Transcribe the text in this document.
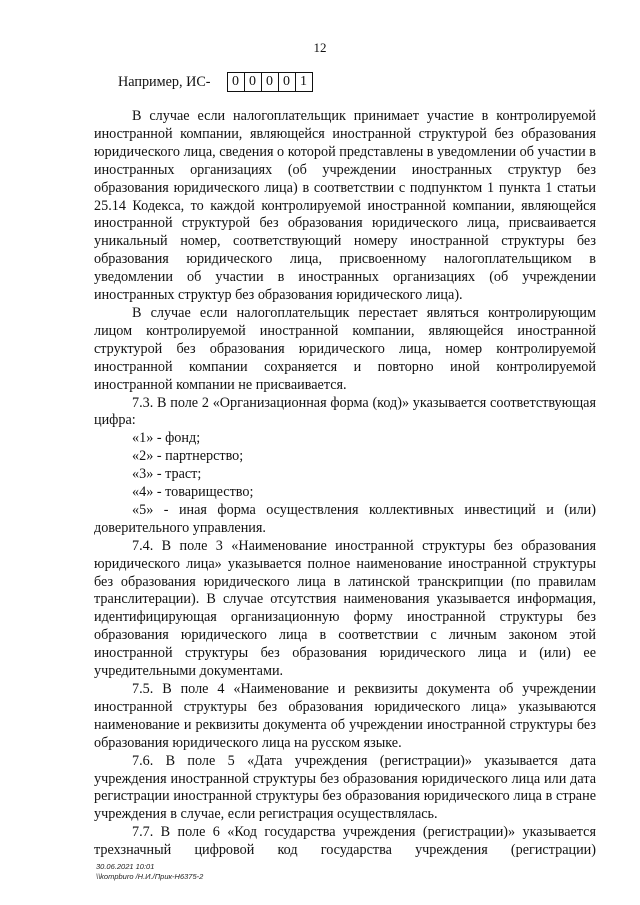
12
Например, ИС-	0 0 0 0 1

В случае если налогоплательщик принимает участие в контролируемой иностранной компании, являющейся иностранной структурой без образования юридического лица, сведения о которой представлены в уведомлении об участии в иностранных организациях (об учреждении иностранных структур без образования юридического лица) в соответствии с подпунктом 1 пункта 1 статьи 25.14 Кодекса, то каждой контролируемой иностранной компании, являющейся иностранной структурой без образования юридического лица, присваивается уникальный номер, соответствующий номеру иностранной структуры без образования юридического лица, присвоенному налогоплательщиком в уведомлении об участии в иностранных организациях (об учреждении иностранных структур без образования юридического лица).

В случае если налогоплательщик перестает являться контролирующим лицом контролируемой иностранной компании, являющейся иностранной структурой без образования юридического лица, номер контролируемой иностранной компании сохраняется и повторно иной контролируемой иностранной компании не присваивается.

7.3. В поле 2 «Организационная форма (код)» указывается соответствующая цифра:

«1» - фонд;

«2» - партнерство;

«3» - траст;

«4» - товарищество;

«5» - иная форма осуществления коллективных инвестиций и (или) доверительного управления.

7.4. В поле 3 «Наименование иностранной структуры без образования юридического лица» указывается полное наименование иностранной структуры без образования юридического лица в латинской транскрипции (по правилам транслитерации). В случае отсутствия наименования указывается информация, идентифицирующая организационную форму иностранной структуры без образования юридического лица в соответствии с личным законом этой иностранной структуры без образования юридического лица и (или) ее учредительными документами.

7.5. В поле 4 «Наименование и реквизиты документа об учреждении иностранной структуры без образования юридического лица» указываются наименование и реквизиты документа об учреждении иностранной структуры без образования юридического лица на русском языке.

7.6. В поле 5 «Дата учреждения (регистрации)» указывается дата учреждения иностранной структуры без образования юридического лица или дата регистрации иностранной структуры без образования юридического лица в стране учреждения в случае, если регистрация осуществлялась.

7.7. В поле 6 «Код государства учреждения (регистрации)» указывается трехзначный цифровой код государства учреждения (регистрации)

30.06.2021 10:01
\\kompburo /Н.И./Прик-Н6375-2
